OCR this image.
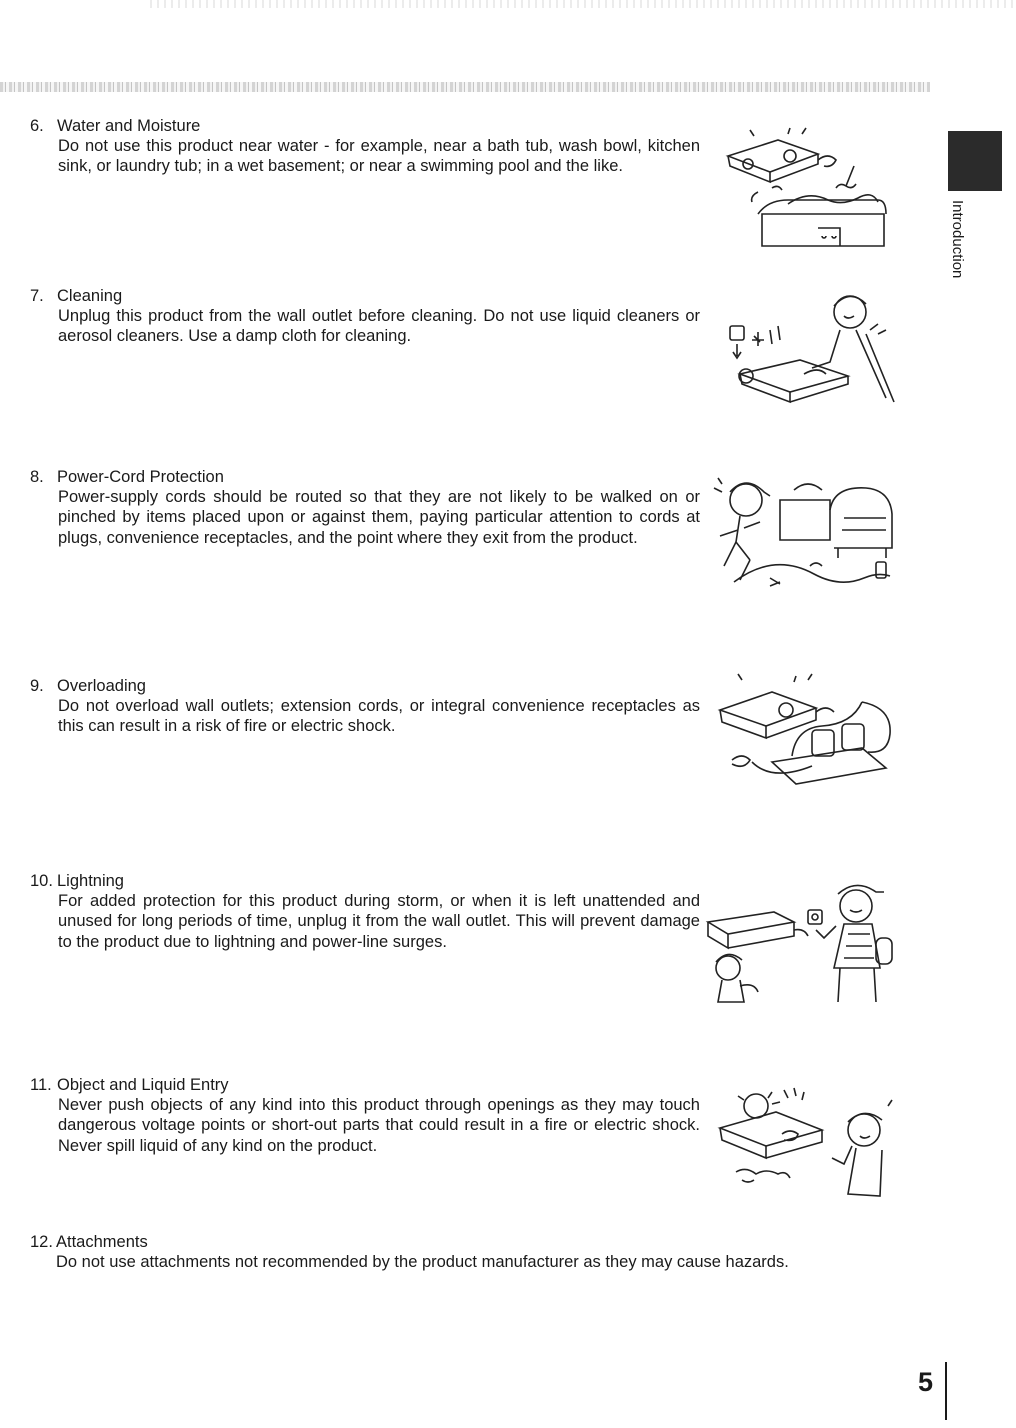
6. Water and Moisture

Do not use this product near water - for example, near a bath tub, wash bowl, kitchen sink, or laundry tub; in a wet basement; or near a swimming pool and the like.

7. Cleaning

Unplug this product from the wall outlet before cleaning. Do not use liquid cleaners or aerosol cleaners. Use a damp cloth for cleaning.

8. Power-Cord Protection

Power-supply cords should be routed so that they are not likely to be walked on or pinched by items placed upon or against them, paying particular attention to cords at plugs, convenience receptacles, and the point where they exit from the product.

9. Overloading

Do not overload wall outlets; extension cords, or integral convenience receptacles as this can result in a risk of fire or electric shock.

10. Lightning

For added protection for this product during storm, or when it is left unattended and unused for long periods of time, unplug it from the wall outlet. This will prevent damage to the product due to lightning and power-line surges.

11. Object and Liquid Entry

Never push objects of any kind into this product through openings as they may touch dangerous voltage points or short-out parts that could result in a fire or electric shock. Never spill liquid of any kind on the product.

12. Attachments

Do not use attachments not recommended by the product manufacturer as they may cause hazards.

Introduction
5
